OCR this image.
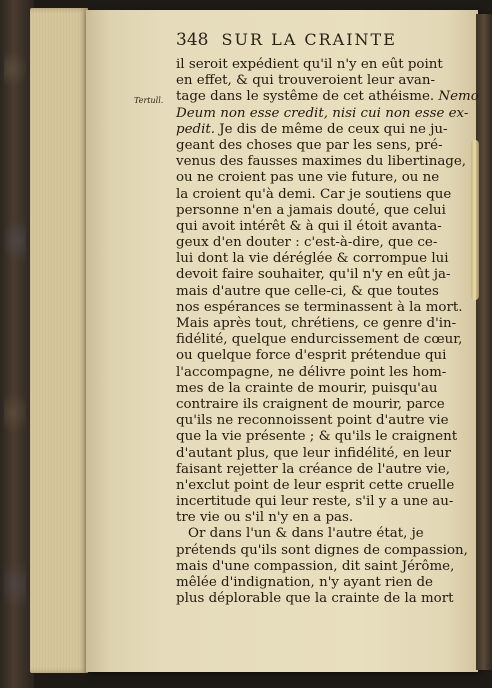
348 SUR LA CRAINTE
Tertull.
il seroit expédient qu'il n'y en eût point
en effet, & qui trouveroient leur avan-
tage dans le systême de cet athéisme. Nemo
Deum non esse credit, nisi cui non esse ex-
pedit. Je dis de même de ceux qui ne ju-
geant des choses que par les sens, pré-
venus des fausses maximes du libertinage,
ou ne croient pas une vie future, ou ne
la croient qu'à demi. Car je soutiens que
personne n'en a jamais douté, que celui
qui avoit intérêt & à qui il étoit avanta-
geux d'en douter : c'est-à-dire, que ce-
lui dont la vie déréglée & corrompue lui
devoit faire souhaiter, qu'il n'y en eût ja-
mais d'autre que celle-ci, & que toutes
nos espérances se terminassent à la mort.
Mais après tout, chrétiens, ce genre d'in-
fidélité, quelque endurcissement de cœur,
ou quelque force d'esprit prétendue qui
l'accompagne, ne délivre point les hom-
mes de la crainte de mourir, puisqu'au
contraire ils craignent de mourir, parce
qu'ils ne reconnoissent point d'autre vie
que la vie présente ; & qu'ils le craignent
d'autant plus, que leur infidélité, en leur
faisant rejetter la créance de l'autre vie,
n'exclut point de leur esprit cette cruelle
incertitude qui leur reste, s'il y a une au-
tre vie ou s'il n'y en a pas.
Or dans l'un & dans l'autre état, je
prétends qu'ils sont dignes de compassion,
mais d'une compassion, dit saint Jérôme,
mêlée d'indignation, n'y ayant rien de
plus déplorable que la crainte de la mort
